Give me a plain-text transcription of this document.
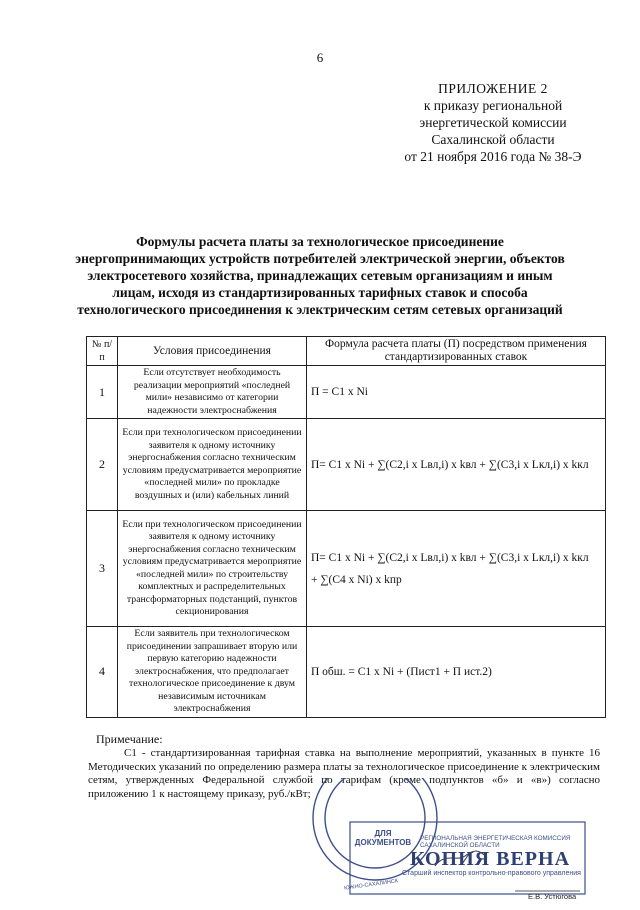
6
ПРИЛОЖЕНИЕ 2
к приказу региональной
энергетической комиссии
Сахалинской области
от 21 ноября 2016 года № 38-Э
Формулы расчета платы за технологическое присоединение энергопринимающих устройств потребителей электрической энергии, объектов электросетевого хозяйства, принадлежащих сетевым организациям и иным лицам, исходя из стандартизированных тарифных ставок и способа технологического присоединения к электрическим сетям сетевых организаций
№ п/п	Условия присоединения	Формула расчета платы (П) посредством применения стандартизированных ставок
1	Если отсутствует необходимость реализации мероприятий «последней мили» независимо от категории надежности электроснабжения	П = С1 х Ni
2	Если при технологическом присоединении заявителя к одному источнику энергоснабжения согласно техническим условиям предусматривается мероприятие «последней мили» по прокладке воздушных и (или) кабельных линий	П= С1 х Ni + ∑(С2,i х Lвл,i) х kвл + ∑(С3,i х Lкл,i) х kкл
3	Если при технологическом присоединении заявителя к одному источнику энергоснабжения согласно техническим условиям предусматривается мероприятие «последней мили» по строительству комплектных и распределительных трансформаторных подстанций, пунктов секционирования	П= С1 х Ni + ∑(С2,i х Lвл,i) х kвл + ∑(С3,i х Lкл,i) х kкл
+ ∑(С4 х Ni) х kпр

4	Если заявитель при технологическом присоединении запрашивает вторую или первую категорию надежности электроснабжения, что предполагает технологическое присоединение к двум независимым источникам электроснабжения	П обш. = С1 х Ni + (Пист1 + П ист.2)
Примечание:
С1 - стандартизированная тарифная ставка на выполнение мероприятий, указанных в пункте 16 Методических указаний по определению размера платы за технологическое присоединение к электрическим сетям, утвержденных Федеральной службой по тарифам (кроме подпунктов «б» и «в») согласно приложению 1 к настоящему приказу, руб./кВт;
ДЛЯ
ДОКУМЕНТОВ	РЕГИОНАЛЬНАЯ ЭНЕРГЕТИЧЕСКАЯ КОМИССИЯ САХАЛИНСКОЙ ОБЛАСТИ
КОПИЯ ВЕРНА
Старший инспектор контрольно-правового управления
Е.В. Устюгова
ЮЖНО-САХАЛИНСК
